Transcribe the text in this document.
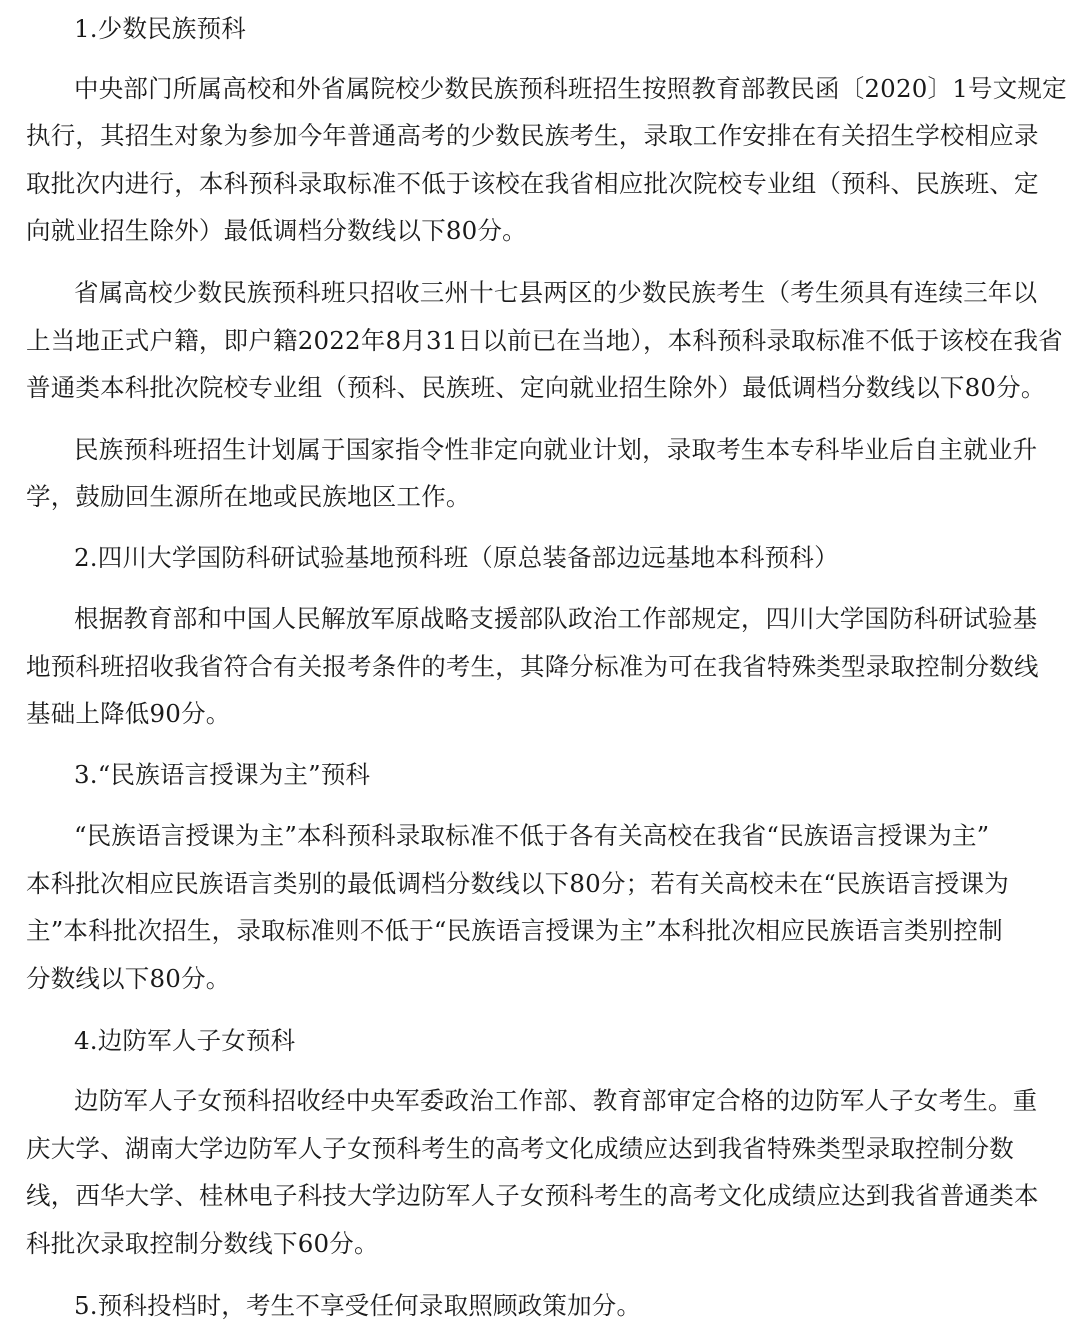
1.少数民族预科
中央部门所属高校和外省属院校少数民族预科班招生按照教育部教民函〔2020〕1号文规定
执行，其招生对象为参加今年普通高考的少数民族考生，录取工作安排在有关招生学校相应录
取批次内进行，本科预科录取标准不低于该校在我省相应批次院校专业组（预科、民族班、定
向就业招生除外）最低调档分数线以下80分。
省属高校少数民族预科班只招收三州十七县两区的少数民族考生（考生须具有连续三年以
上当地正式户籍，即户籍2022年8月31日以前已在当地），本科预科录取标准不低于该校在我省
普通类本科批次院校专业组（预科、民族班、定向就业招生除外）最低调档分数线以下80分。
民族预科班招生计划属于国家指令性非定向就业计划，录取考生本专科毕业后自主就业升
学，鼓励回生源所在地或民族地区工作。
2.四川大学国防科研试验基地预科班（原总装备部边远基地本科预科）
根据教育部和中国人民解放军原战略支援部队政治工作部规定，四川大学国防科研试验基
地预科班招收我省符合有关报考条件的考生，其降分标准为可在我省特殊类型录取控制分数线
基础上降低90分。
3.“民族语言授课为主”预科
“民族语言授课为主”本科预科录取标准不低于各有关高校在我省“民族语言授课为主”
本科批次相应民族语言类别的最低调档分数线以下80分；若有关高校未在“民族语言授课为
主”本科批次招生，录取标准则不低于“民族语言授课为主”本科批次相应民族语言类别控制
分数线以下80分。
4.边防军人子女预科
边防军人子女预科招收经中央军委政治工作部、教育部审定合格的边防军人子女考生。重
庆大学、湖南大学边防军人子女预科考生的高考文化成绩应达到我省特殊类型录取控制分数
线，西华大学、桂林电子科技大学边防军人子女预科考生的高考文化成绩应达到我省普通类本
科批次录取控制分数线下60分。
5.预科投档时，考生不享受任何录取照顾政策加分。
